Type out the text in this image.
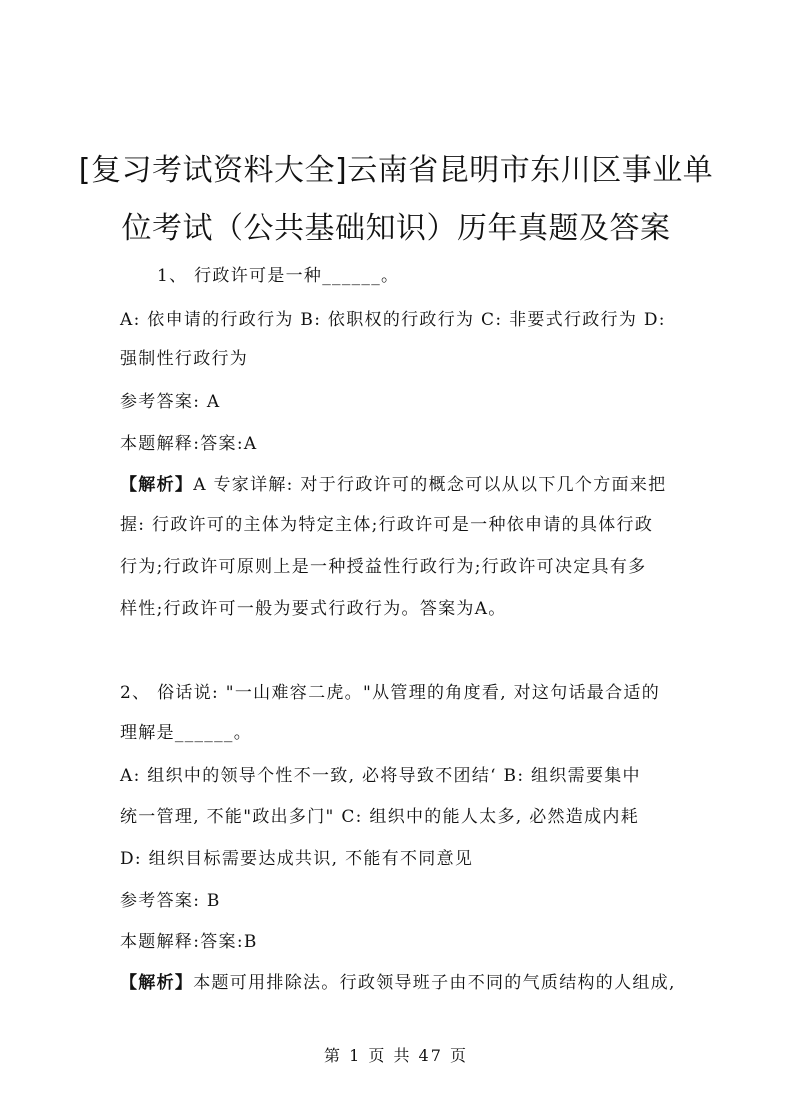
[复习考试资料大全]云南省昆明市东川区事业单
位考试（公共基础知识）历年真题及答案
1、 行政许可是一种______。
A: 依申请的行政行为 B: 依职权的行政行为 C: 非要式行政行为 D:
强制性行政行为
参考答案: A
本题解释:答案:A
【解析】A 专家详解: 对于行政许可的概念可以从以下几个方面来把
握: 行政许可的主体为特定主体;行政许可是一种依申请的具体行政
行为;行政许可原则上是一种授益性行政行为;行政许可决定具有多
样性;行政许可一般为要式行政行为。答案为A。
2、 俗话说: "一山难容二虎。"从管理的角度看, 对这句话最合适的
理解是______。
A: 组织中的领导个性不一致, 必将导致不团结‘ B: 组织需要集中
统一管理, 不能"政出多门" C: 组织中的能人太多, 必然造成内耗
D: 组织目标需要达成共识, 不能有不同意见
参考答案: B
本题解释:答案:B
【解析】本题可用排除法。行政领导班子由不同的气质结构的人组成,
第 1 页 共 47 页
